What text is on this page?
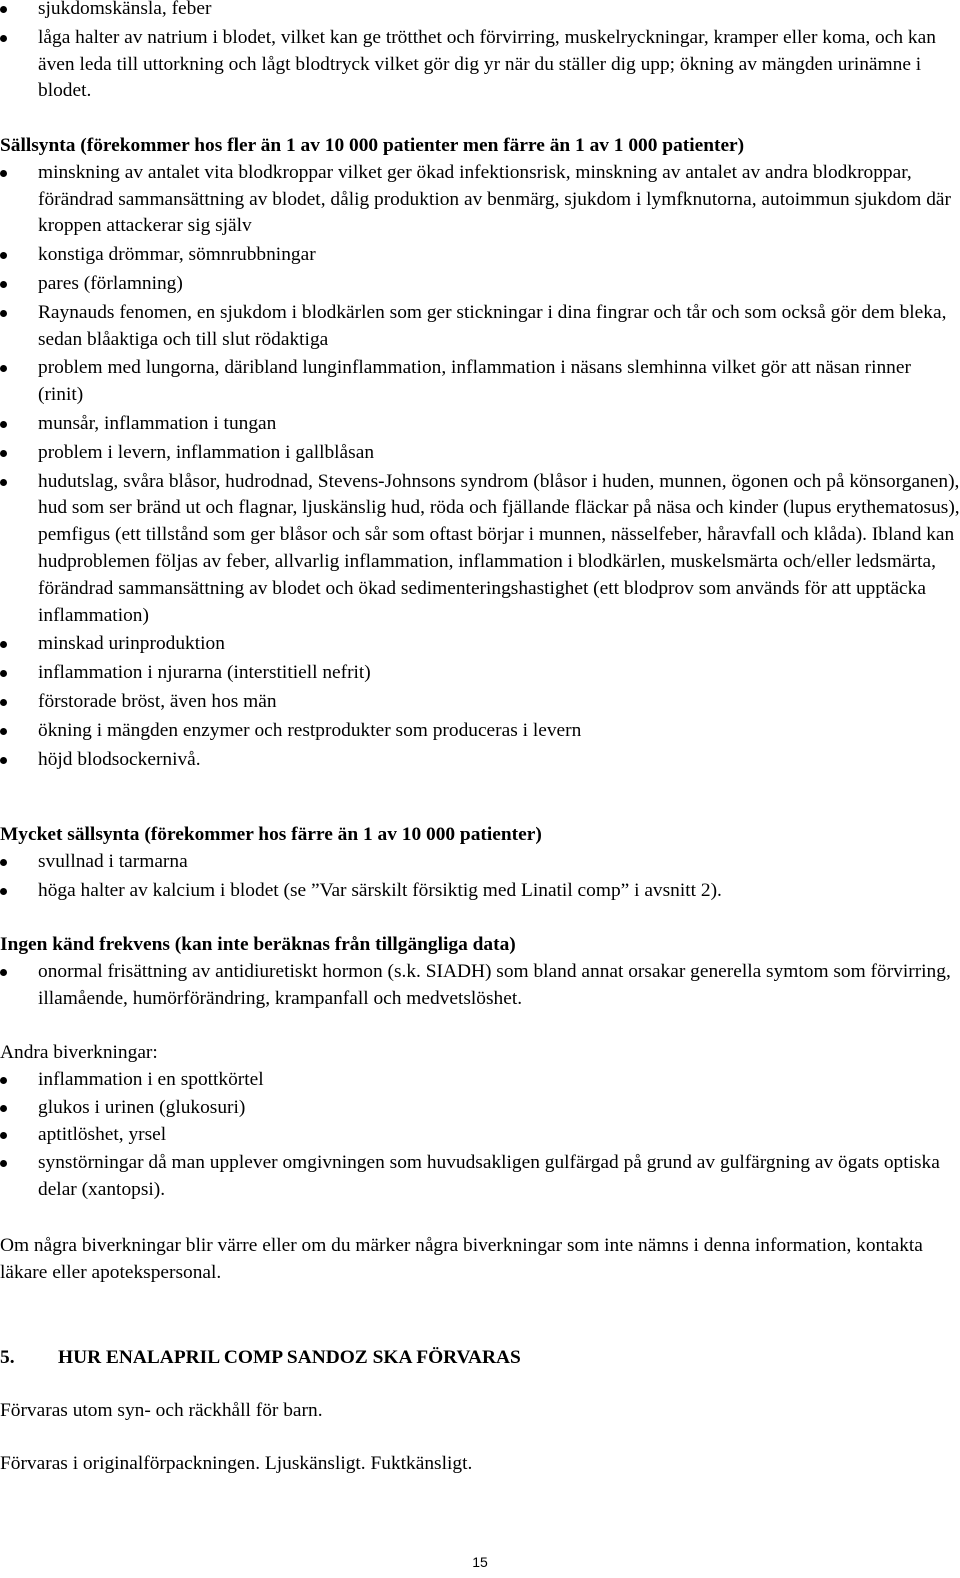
sjukdomskänsla, feber
låga halter av natrium i blodet, vilket kan ge trötthet och förvirring, muskelryckningar, kramper eller koma, och kan även leda till uttorkning och lågt blodtryck vilket gör dig yr när du ställer dig upp; ökning av mängden urinämne i blodet.

Sällsynta (förekommer hos fler än 1 av 10 000 patienter men färre än 1 av 1 000 patienter)

minskning av antalet vita blodkroppar vilket ger ökad infektionsrisk, minskning av antalet av andra blodkroppar, förändrad sammansättning av blodet, dålig produktion av benmärg, sjukdom i lymfknutorna, autoimmun sjukdom där kroppen attackerar sig själv
konstiga drömmar, sömnrubbningar
pares (förlamning)
Raynauds fenomen, en sjukdom i blodkärlen som ger stickningar i dina fingrar och tår och som också gör dem bleka, sedan blåaktiga och till slut rödaktiga
problem med lungorna, däribland lunginflammation, inflammation i näsans slemhinna vilket gör att näsan rinner (rinit)
munsår, inflammation i tungan
problem i levern, inflammation i gallblåsan
hudutslag, svåra blåsor, hudrodnad, Stevens-Johnsons syndrom (blåsor i huden, munnen, ögonen och på könsorganen), hud som ser bränd ut och flagnar, ljuskänslig hud, röda och fjällande fläckar på näsa och kinder (lupus erythematosus), pemfigus (ett tillstånd som ger blåsor och sår som oftast börjar i munnen, nässelfeber, håravfall och klåda). Ibland kan hudproblemen följas av feber, allvarlig inflammation, inflammation i blodkärlen, muskelsmärta och/eller ledsmärta, förändrad sammansättning av blodet och ökad sedimenteringshastighet (ett blodprov som används för att upptäcka inflammation)
minskad urinproduktion
inflammation i njurarna (interstitiell nefrit)
förstorade bröst, även hos män
ökning i mängden enzymer och restprodukter som produceras i levern
höjd blodsockernivå.

Mycket sällsynta (förekommer hos färre än 1 av 10 000 patienter)

svullnad i tarmarna
höga halter av kalcium i blodet (se ”Var särskilt försiktig med Linatil comp” i avsnitt 2).

Ingen känd frekvens (kan inte beräknas från tillgängliga data)

onormal frisättning av antidiuretiskt hormon (s.k. SIADH) som bland annat orsakar generella symtom som förvirring, illamående, humörförändring, krampanfall och medvetslöshet.

Andra biverkningar:

inflammation i en spottkörtel
glukos i urinen (glukosuri)
aptitlöshet, yrsel
synstörningar då man upplever omgivningen som huvudsakligen gulfärgad på grund av gulfärgning av ögats optiska delar (xantopsi).

Om några biverkningar blir värre eller om du märker några biverkningar som inte nämns i denna information, kontakta läkare eller apotekspersonal.

5. HUR ENALAPRIL COMP SANDOZ SKA FÖRVARAS

Förvaras utom syn- och räckhåll för barn.

Förvaras i originalförpackningen. Ljuskänsligt. Fuktkänsligt.

15
